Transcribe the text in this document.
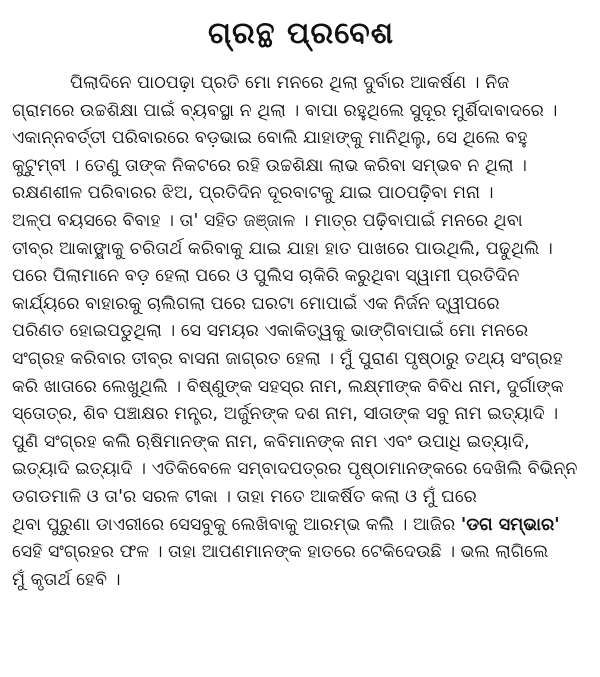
ଗ୍ରନ୍ଥ ପ୍ରବେଶ
ପିଲାଦିନେ ପାଠପଢ଼ା ପ୍ରତି ମୋ ମନରେ ଥିଲା ଦୁର୍ବାର ଆକର୍ଷଣ । ନିଜ
ଗ୍ରାମରେ ଉଚ୍ଚଶିକ୍ଷା ପାଇଁ ବ୍ୟବସ୍ଥା ନ ଥିଲା । ବାପା ରହୁଥିଲେ ସୁଦୂର ମୁର୍ଶିଦାବାଦରେ ।
ଏକାନ୍ନବର୍ତ୍ତୀ ପରିବାରରେ ବଡ଼ଭାଇ ବୋଲି ଯାହାଙ୍କୁ ମାନିଥିଲୁ, ସେ ଥିଲେ ବହୁ
କୁଟୁମ୍ବୀ । ତେଣୁ ତାଙ୍କ ନିକଟରେ ରହି ଉଚ୍ଚଶିକ୍ଷା ଲାଭ କରିବା ସମ୍ଭବ ନ ଥିଲା ।
ରକ୍ଷଣଶୀଳ ପରିବାରର ଝିଅ, ପ୍ରତିଦିନ ଦୂରବାଟକୁ ଯାଇ ପାଠପଢ଼ିବା ମନା ।
ଅଳ୍ପ ବୟସରେ ବିବାହ । ତା' ସହିତ ଜଞ୍ଜାଳ । ମାତ୍ର ପଢ଼ିବାପାଇଁ ମନରେ ଥିବା
ତୀବ୍ର ଆକାଙ୍କ୍ଷାକୁ ଚରିତାର୍ଥ କରିବାକୁ ଯାଇ ଯାହା ହାତ ପାଖରେ ପାଉଥିଲି, ପଢୁଥିଲି ।
ପରେ ପିଲାମାନେ ବଡ଼ ହେଲା ପରେ ଓ ପୁଲିସ ଚାକିରି କରୁଥିବା ସ୍ୱାମୀ ପ୍ରତିଦିନ
କାର୍ଯ୍ୟରେ ବାହାରକୁ ଚାଲିଗଲା ପରେ ଘରଟା ମୋପାଇଁ ଏକ ନିର୍ଜନ ଦ୍ୱୀପରେ
ପରିଣତ ହୋଇପଡୁଥିଲା । ସେ ସମୟର ଏକାକିତ୍ୱକୁ ଭାଙ୍ଗିବାପାଇଁ ମୋ ମନରେ
ସଂଗ୍ରହ କରିବାର ତୀବ୍ର ବାସନା ଜାଗ୍ରତ ହେଲା । ମୁଁ ପୁରାଣ ପୃଷ୍ଠାରୁ ତଥ୍ୟ ସଂଗ୍ରହ
କରି ଖାତାରେ ଲେଖୁଥିଲି । ବିଷ୍ଣୁଙ୍କ ସହସ୍ର ନାମ, ଲକ୍ଷ୍ମୀଙ୍କ ବିବିଧ ନାମ, ଦୁର୍ଗାଙ୍କ
ସ୍ତୋତ୍ର, ଶିବ ପଞ୍ଚାକ୍ଷର ମନ୍ତ୍ର, ଅର୍ଜୁନଙ୍କ ଦଶ ନାମ, ସୀତାଙ୍କ ସବୁ ନାମ ଇତ୍ୟାଦି ।
ପୁଣି ସଂଗ୍ରହ କଲି ଋଷିମାନଙ୍କ ନାମ, କବିମାନଙ୍କ ନାମ ଏବଂ ଉପାଧି ଇତ୍ୟାଦି,
ଇତ୍ୟାଦି ଇତ୍ୟାଦି । ଏତିକିବେଳେ ସମ୍ବାଦପତ୍ରର ପୃଷ୍ଠାମାନଙ୍କରେ ଦେଖିଲି ବିଭିନ୍ନ
ଡଗଡମାଳି ଓ ତା'ର ସରଳ ଟୀକା । ତାହା ମତେ ଆକର୍ଷିତ କଲା ଓ ମୁଁ ଘରେ
ଥିବା ପୁରୁଣା ଡାଏରୀରେ ସେସବୁକୁ ଲେଖିବାକୁ ଆରମ୍ଭ କଲି । ଆଜିର 'ଡଗ ସମ୍ଭାର'
ସେହି ସଂଗ୍ରହର ଫଳ । ତାହା ଆପଣମାନଙ୍କ ହାତରେ ଟେକିଦେଉଛି । ଭଲ ଲାଗିଲେ
ମୁଁ କୃତାର୍ଥ ହେବି ।
